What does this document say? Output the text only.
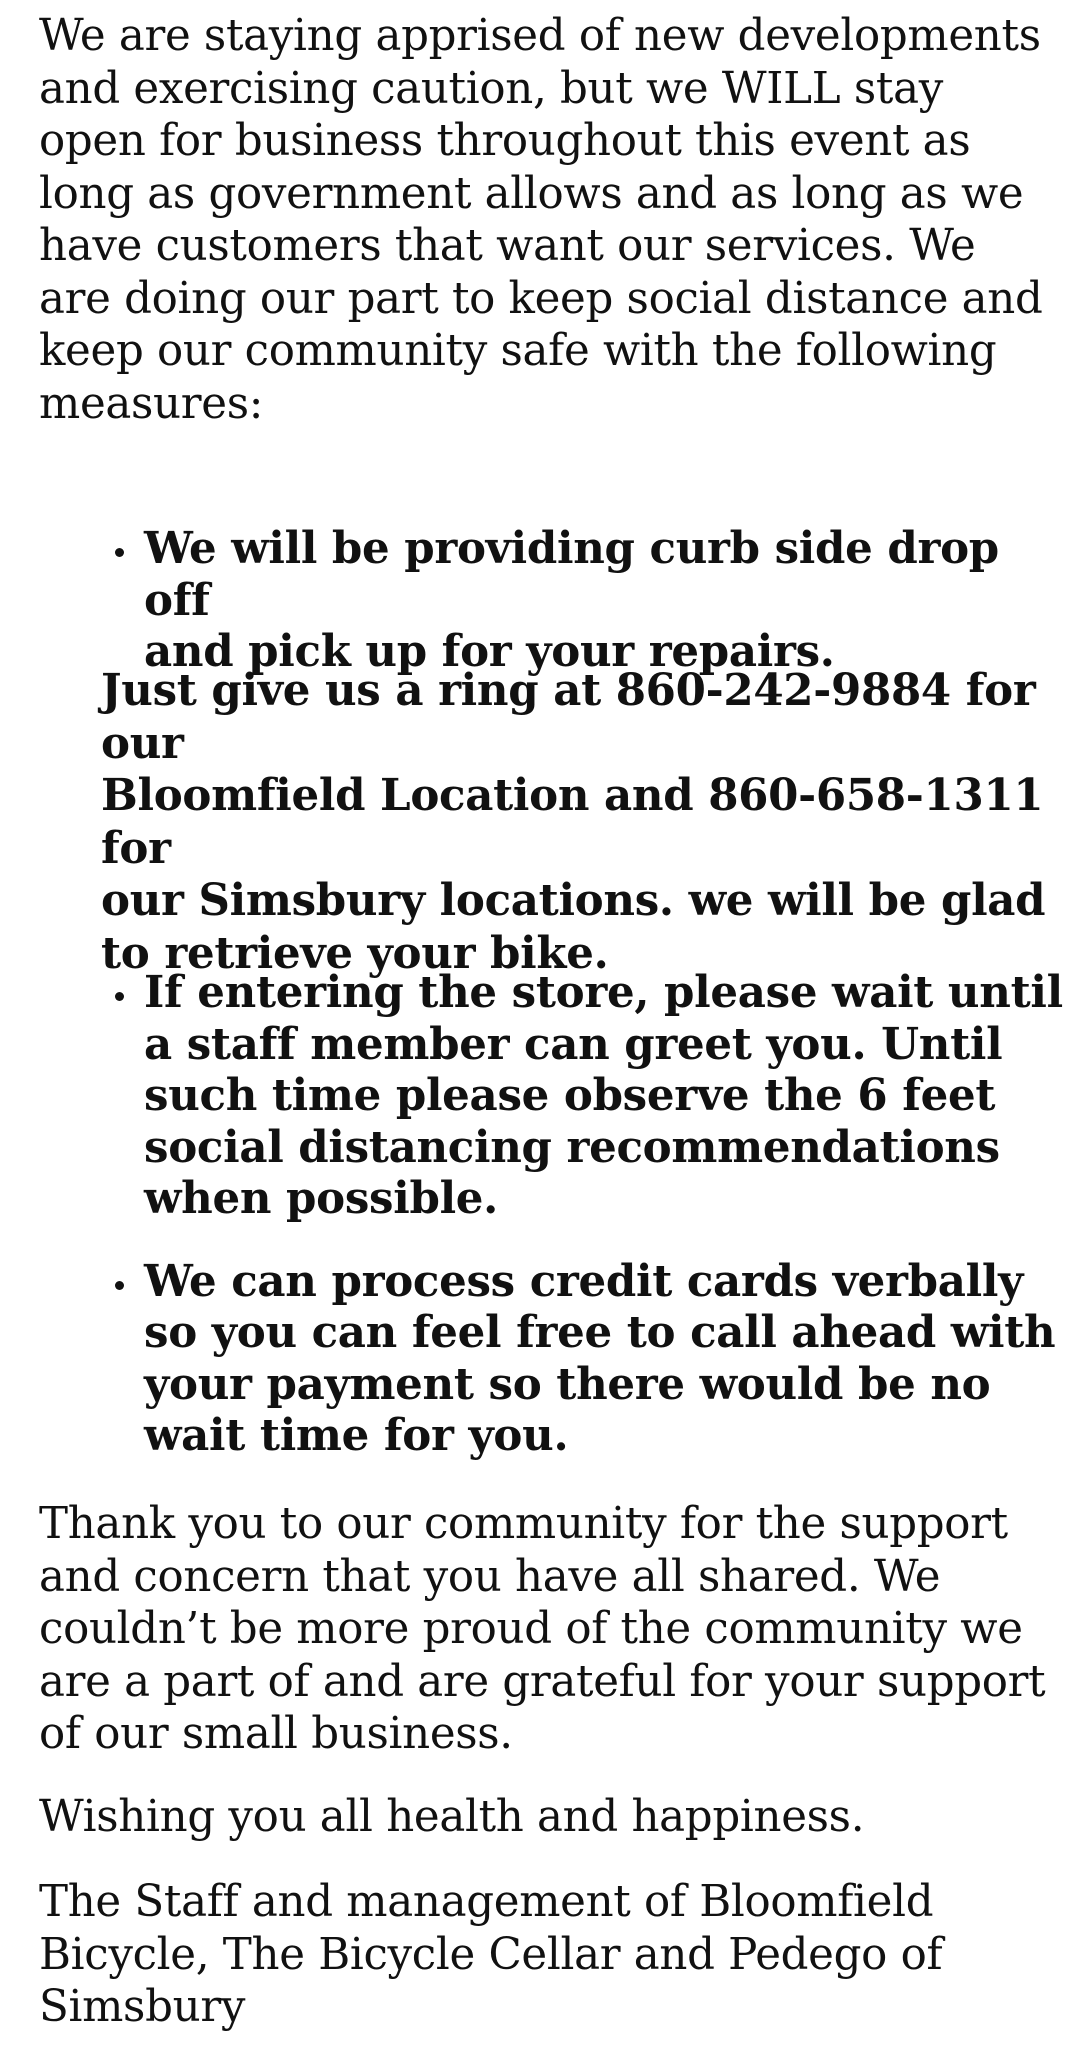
We are staying apprised of new developments
and exercising caution, but we WILL stay
open for business throughout this event as
long as government allows and as long as we
have customers that want our services. We
are doing our part to keep social distance and
keep our community safe with the following
measures:

We will be providing curb side drop off
and pick up for your repairs.

Just give us a ring at 860-242-9884 for our
Bloomfield Location and 860-658-1311 for
our Simsbury locations. we will be glad
to retrieve your bike.

If entering the store, please wait until
a staff member can greet you. Until
such time please observe the 6 feet
social distancing recommendations
when possible.
We can process credit cards verbally
so you can feel free to call ahead with
your payment so there would be no
wait time for you.

Thank you to our community for the support
and concern that you have all shared. We
couldn’t be more proud of the community we
are a part of and are grateful for your support
of our small business.

Wishing you all health and happiness.

The Staff and management of Bloomfield
Bicycle, The Bicycle Cellar and Pedego of
Simsbury
